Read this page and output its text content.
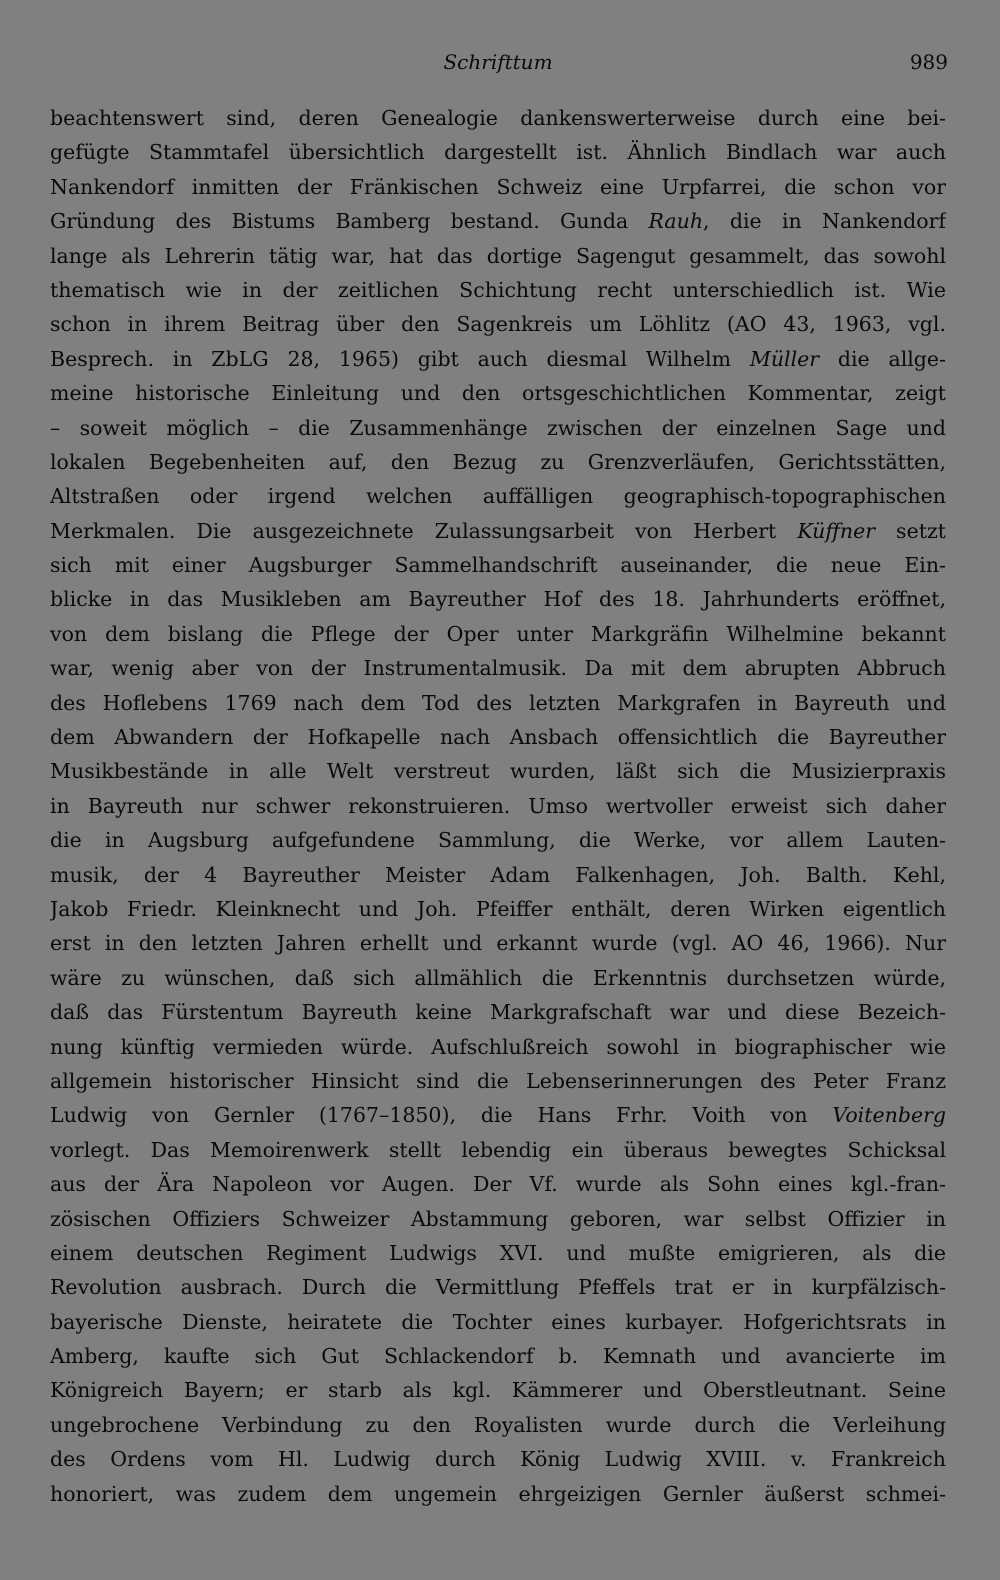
Schrifttum	989
beachtenswert sind, deren Genealogie dankenswerterweise durch eine bei-
gefügte Stammtafel übersichtlich dargestellt ist. Ähnlich Bindlach war auch
Nankendorf inmitten der Fränkischen Schweiz eine Urpfarrei, die schon vor
Gründung des Bistums Bamberg bestand. Gunda Rauh, die in Nankendorf
lange als Lehrerin tätig war, hat das dortige Sagengut gesammelt, das sowohl
thematisch wie in der zeitlichen Schichtung recht unterschiedlich ist. Wie
schon in ihrem Beitrag über den Sagenkreis um Löhlitz (AO 43, 1963, vgl.
Besprech. in ZbLG 28, 1965) gibt auch diesmal Wilhelm Müller die allge-
meine historische Einleitung und den ortsgeschichtlichen Kommentar, zeigt
– soweit möglich – die Zusammenhänge zwischen der einzelnen Sage und
lokalen Begebenheiten auf, den Bezug zu Grenzverläufen, Gerichtsstätten,
Altstraßen oder irgend welchen auffälligen geographisch-topographischen
Merkmalen. Die ausgezeichnete Zulassungsarbeit von Herbert Küffner setzt
sich mit einer Augsburger Sammelhandschrift auseinander, die neue Ein-
blicke in das Musikleben am Bayreuther Hof des 18. Jahrhunderts eröffnet,
von dem bislang die Pflege der Oper unter Markgräfin Wilhelmine bekannt
war, wenig aber von der Instrumentalmusik. Da mit dem abrupten Abbruch
des Hoflebens 1769 nach dem Tod des letzten Markgrafen in Bayreuth und
dem Abwandern der Hofkapelle nach Ansbach offensichtlich die Bayreuther
Musikbestände in alle Welt verstreut wurden, läßt sich die Musizierpraxis
in Bayreuth nur schwer rekonstruieren. Umso wertvoller erweist sich daher
die in Augsburg aufgefundene Sammlung, die Werke, vor allem Lauten-
musik, der 4 Bayreuther Meister Adam Falkenhagen, Joh. Balth. Kehl,
Jakob Friedr. Kleinknecht und Joh. Pfeiffer enthält, deren Wirken eigentlich
erst in den letzten Jahren erhellt und erkannt wurde (vgl. AO 46, 1966). Nur
wäre zu wünschen, daß sich allmählich die Erkenntnis durchsetzen würde,
daß das Fürstentum Bayreuth keine Markgrafschaft war und diese Bezeich-
nung künftig vermieden würde. Aufschlußreich sowohl in biographischer wie
allgemein historischer Hinsicht sind die Lebenserinnerungen des Peter Franz
Ludwig von Gernler (1767–1850), die Hans Frhr. Voith von Voitenberg
vorlegt. Das Memoirenwerk stellt lebendig ein überaus bewegtes Schicksal
aus der Ära Napoleon vor Augen. Der Vf. wurde als Sohn eines kgl.-fran-
zösischen Offiziers Schweizer Abstammung geboren, war selbst Offizier in
einem deutschen Regiment Ludwigs XVI. und mußte emigrieren, als die
Revolution ausbrach. Durch die Vermittlung Pfeffels trat er in kurpfälzisch-
bayerische Dienste, heiratete die Tochter eines kurbayer. Hofgerichtsrats in
Amberg, kaufte sich Gut Schlackendorf b. Kemnath und avancierte im
Königreich Bayern; er starb als kgl. Kämmerer und Oberstleutnant. Seine
ungebrochene Verbindung zu den Royalisten wurde durch die Verleihung
des Ordens vom Hl. Ludwig durch König Ludwig XVIII. v. Frankreich
honoriert, was zudem dem ungemein ehrgeizigen Gernler äußerst schmei-
